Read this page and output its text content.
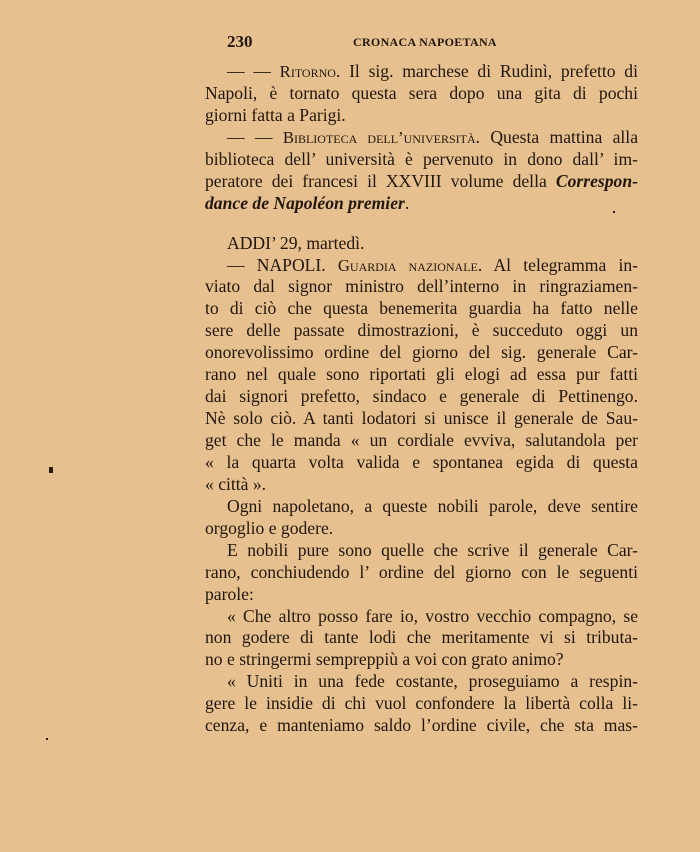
230	CRONACA NAPOETANA
— — Ritorno. Il sig. marchese di Rudinì, prefetto di
Napoli, è tornato questa sera dopo una gita di pochi
giorni fatta a Parigi.
— — Biblioteca dell’università. Questa mattina alla
biblioteca dell’ università è pervenuto in dono dall’ im-
peratore dei francesi il XXVIII volume della Correspon-
dance de Napoléon premier.
ADDI’ 29, martedì.
— NAPOLI. Guardia nazionale. Al telegramma in-
viato dal signor ministro dell’interno in ringraziamen-
to di ciò che questa benemerita guardia ha fatto nelle
sere delle passate dimostrazioni, è succeduto oggi un
onorevolissimo ordine del giorno del sig. generale Car-
rano nel quale sono riportati gli elogi ad essa pur fatti
dai signori prefetto, sindaco e generale di Pettinengo.
Nè solo ciò. A tanti lodatori si unisce il generale de Sau-
get che le manda « un cordiale evviva, salutandola per
« la quarta volta valida e spontanea egida di questa
« città ».
Ogni napoletano, a queste nobili parole, deve sentire
orgoglio e godere.
E nobili pure sono quelle che scrive il generale Car-
rano, conchiudendo l’ ordine del giorno con le seguenti
parole:
« Che altro posso fare io, vostro vecchio compagno, se
non godere di tante lodi che meritamente vi si tributa-
no e stringermi sempreppiù a voi con grato animo?
« Uniti in una fede costante, proseguiamo a respin-
gere le insidie di chi vuol confondere la libertà colla li-
cenza, e manteniamo saldo l’ordine civile, che sta mas-
